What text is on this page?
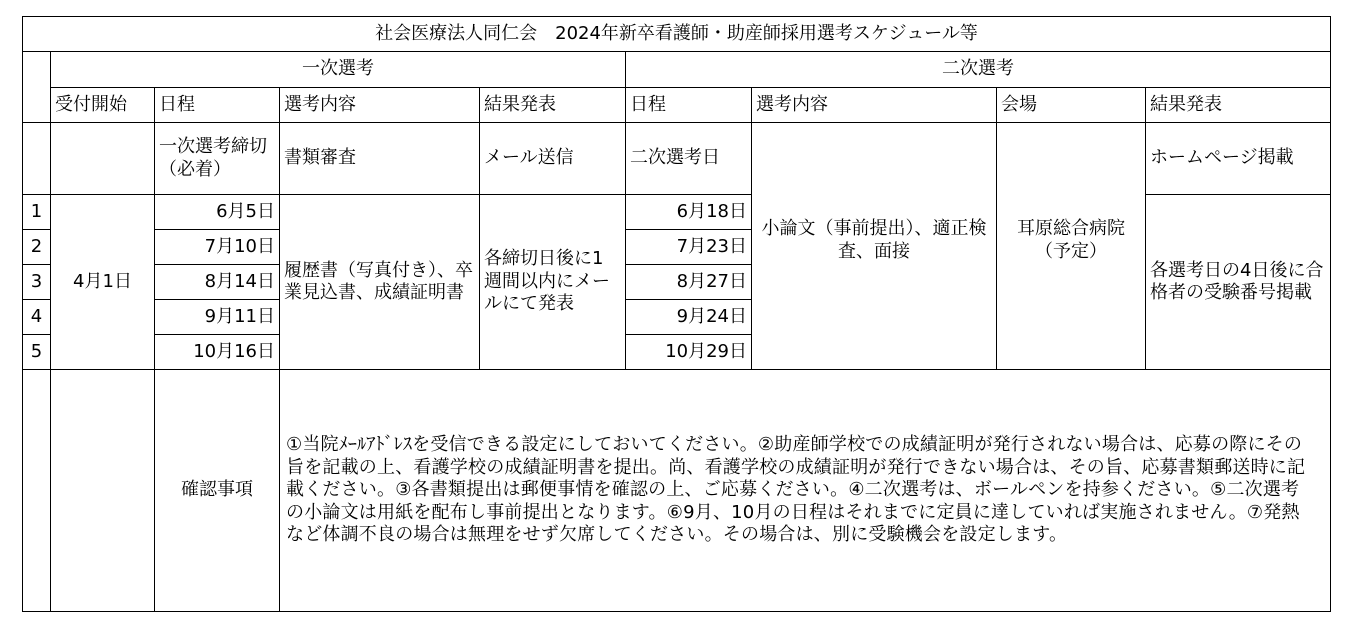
社会医療法人同仁会　2024年新卒看護師・助産師採用選考スケジュール等								
	一次選考				二次選考			
	受付開始	日程	選考内容	結果発表	日程	選考内容	会場	結果発表
		一次選考締切（必着）	書類審査	メール送信	二次選考日	小論文（事前提出）、適正検査、面接	耳原総合病院（予定）	ホームページ掲載
1	4月1日	6月5日	履歴書（写真付き）、卒業見込書、成績証明書	各締切日後に1週間以内にメールにて発表	6月18日			各選考日の4日後に合格者の受験番号掲載
2		7月10日			7月23日			
3		8月14日			8月27日			
4		9月11日			9月24日			
5		10月16日			10月29日			
		確認事項	①当院ﾒｰﾙｱﾄﾞﾚｽを受信できる設定にしておいてください。②助産師学校での成績証明が発行されない場合は、応募の際にその旨を記載の上、看護学校の成績証明書を提出。尚、看護学校の成績証明が発行できない場合は、その旨、応募書類郵送時に記載ください。③各書類提出は郵便事情を確認の上、ご応募ください。④二次選考は、ボールペンを持参ください。⑤二次選考の小論文は用紙を配布し事前提出となります。⑥9月、10月の日程はそれまでに定員に達していれば実施されません。⑦発熱など体調不良の場合は無理をせず欠席してください。その場合は、別に受験機会を設定します。					
